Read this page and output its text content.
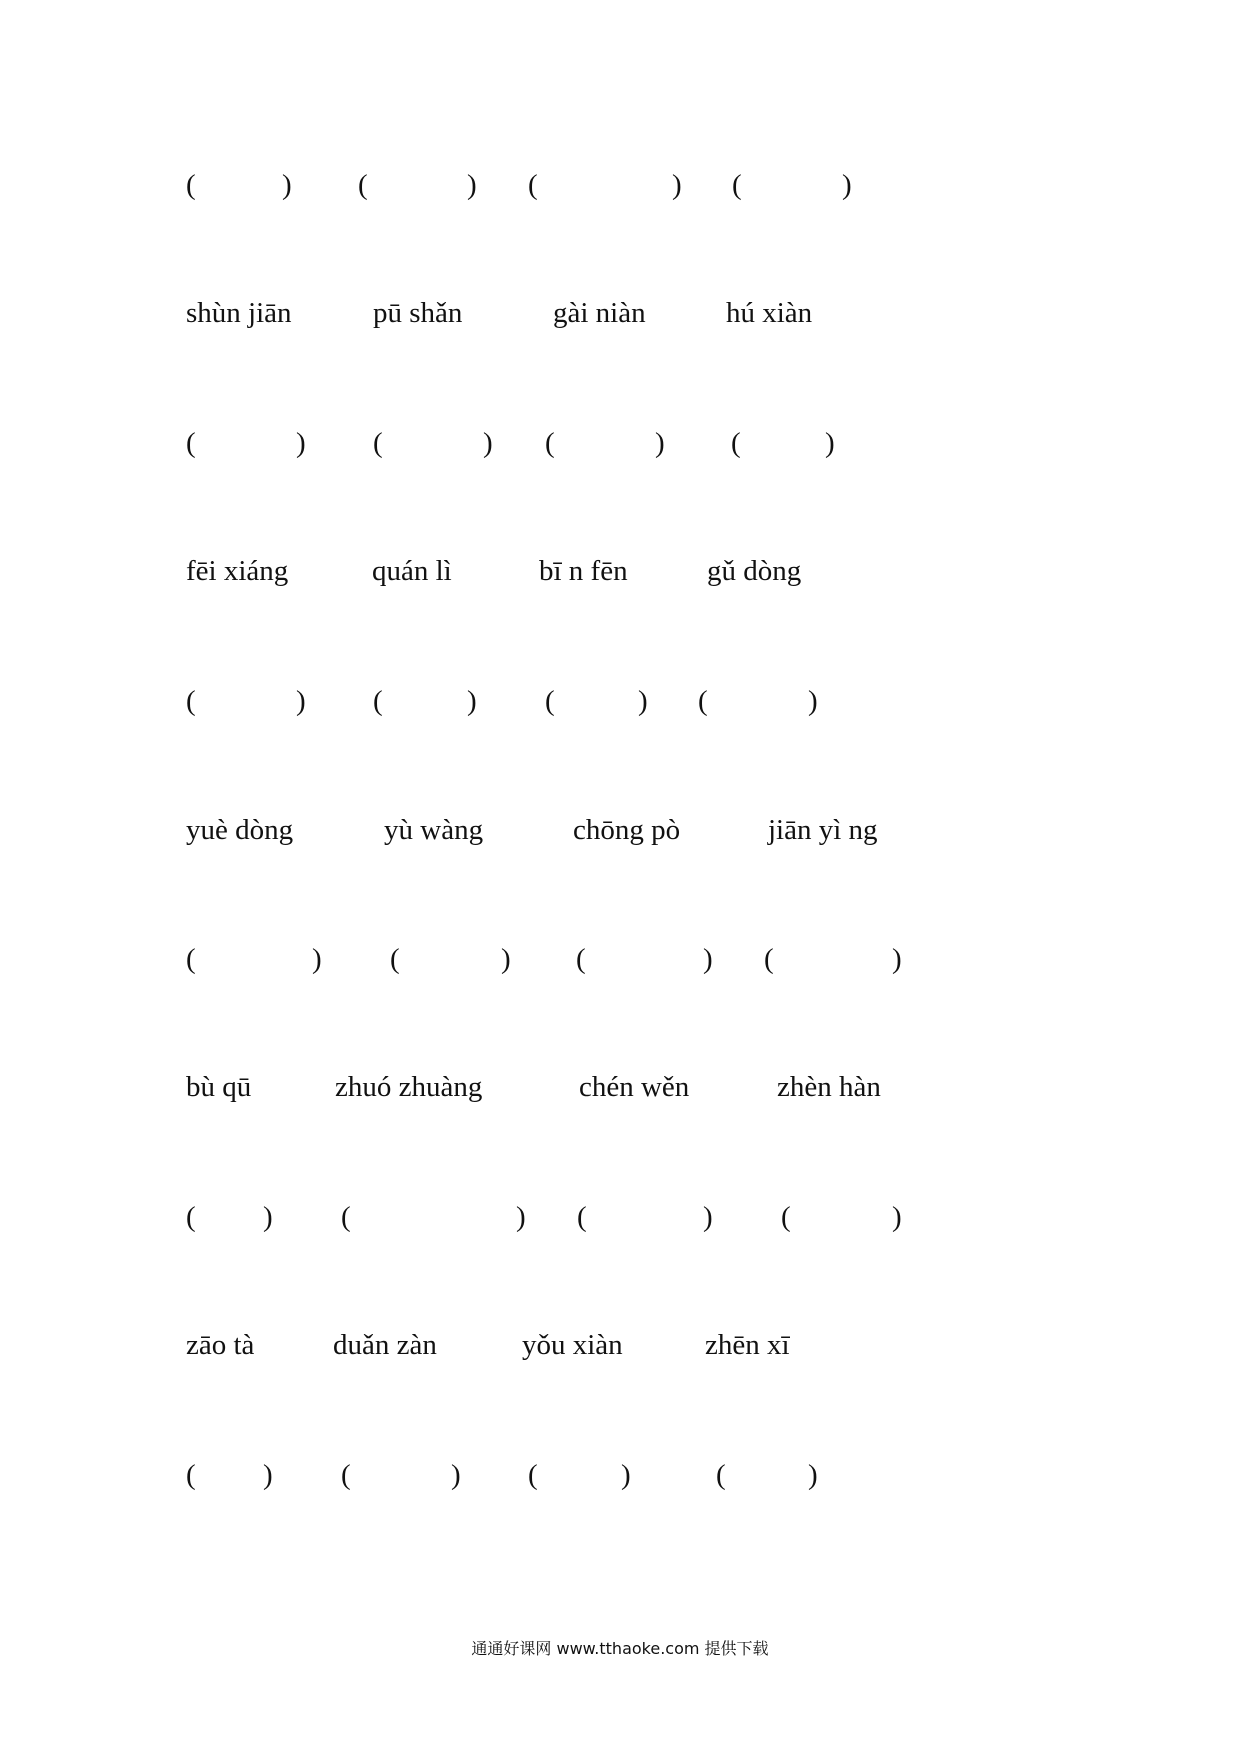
(	) (	) (	) (	)
shùn jiān	pū shǎn	gài niàn	hú xiàn
(	) (	) (	) (	)
fēi xiáng	quán lì	bī n fēn	gǔ dòng
(	) (	) (	) (	)
yuè dòng	yù wàng	chōng pò	jiān yì ng
(	) (	) (	) (	)
bù qū	zhuó zhuàng	chén wěn	zhèn hàn
( ) (	) (	) (	)
zāo tà	duǎn zàn	yǒu xiàn	zhēn xī
( ) (	) (	)	(	)
通通好课网 www.tthaoke.com 提供下载
